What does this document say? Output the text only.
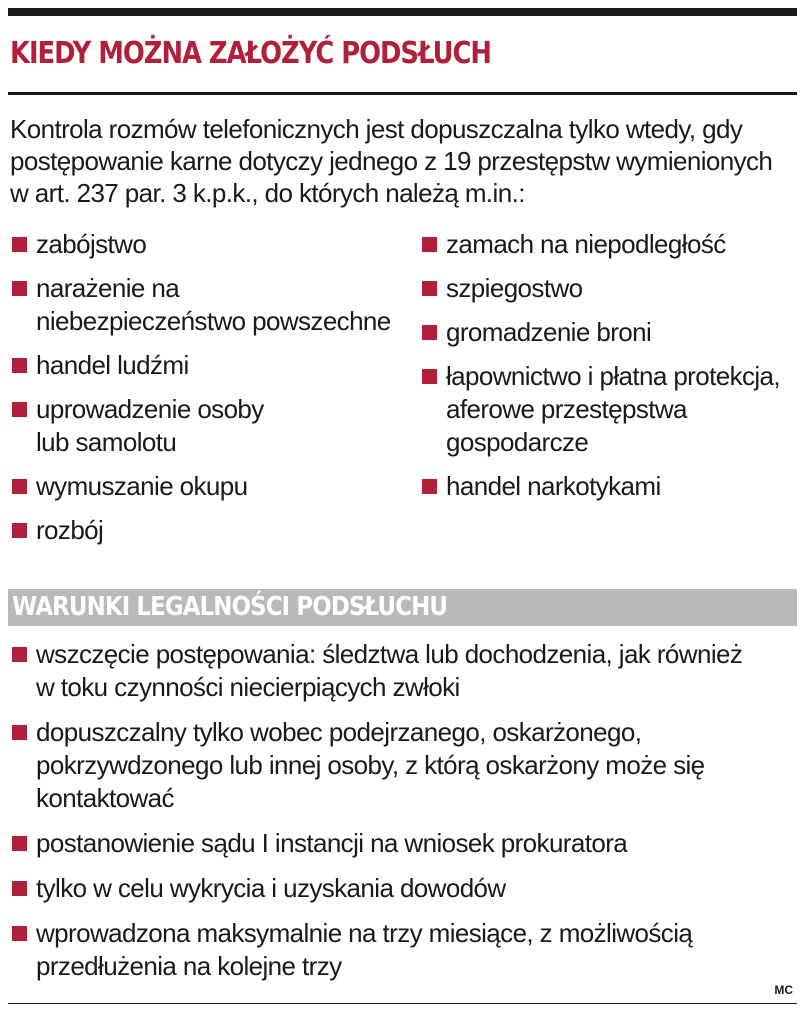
KIEDY MOŻNA ZAŁOŻYĆ PODSŁUCH

Kontrola rozmów telefonicznych jest dopuszczalna tylko wtedy, gdy
postępowanie karne dotyczy jednego z 19 przestępstw wymienionych
w art. 237 par. 3 k.p.k., do których należą m.in.:

zabójstwo
narażenie na
niebezpieczeństwo powszechne
handel ludźmi
uprowadzenie osoby
lub samolotu
wymuszanie okupu
rozbój
zamach na niepodległość
szpiegostwo
gromadzenie broni
łapownictwo i płatna protekcja,
aferowe przestępstwa
gospodarcze
handel narkotykami
WARUNKI LEGALNOŚCI PODSŁUCHU
wszczęcie postępowania: śledztwa lub dochodzenia, jak również
w toku czynności niecierpiących zwłoki
dopuszczalny tylko wobec podejrzanego, oskarżonego,
pokrzywdzonego lub innej osoby, z którą oskarżony może się
kontaktować
postanowienie sądu I instancji na wniosek prokuratora
tylko w celu wykrycia i uzyskania dowodów
wprowadzona maksymalnie na trzy miesiące, z możliwością
przedłużenia na kolejne trzy
MC
